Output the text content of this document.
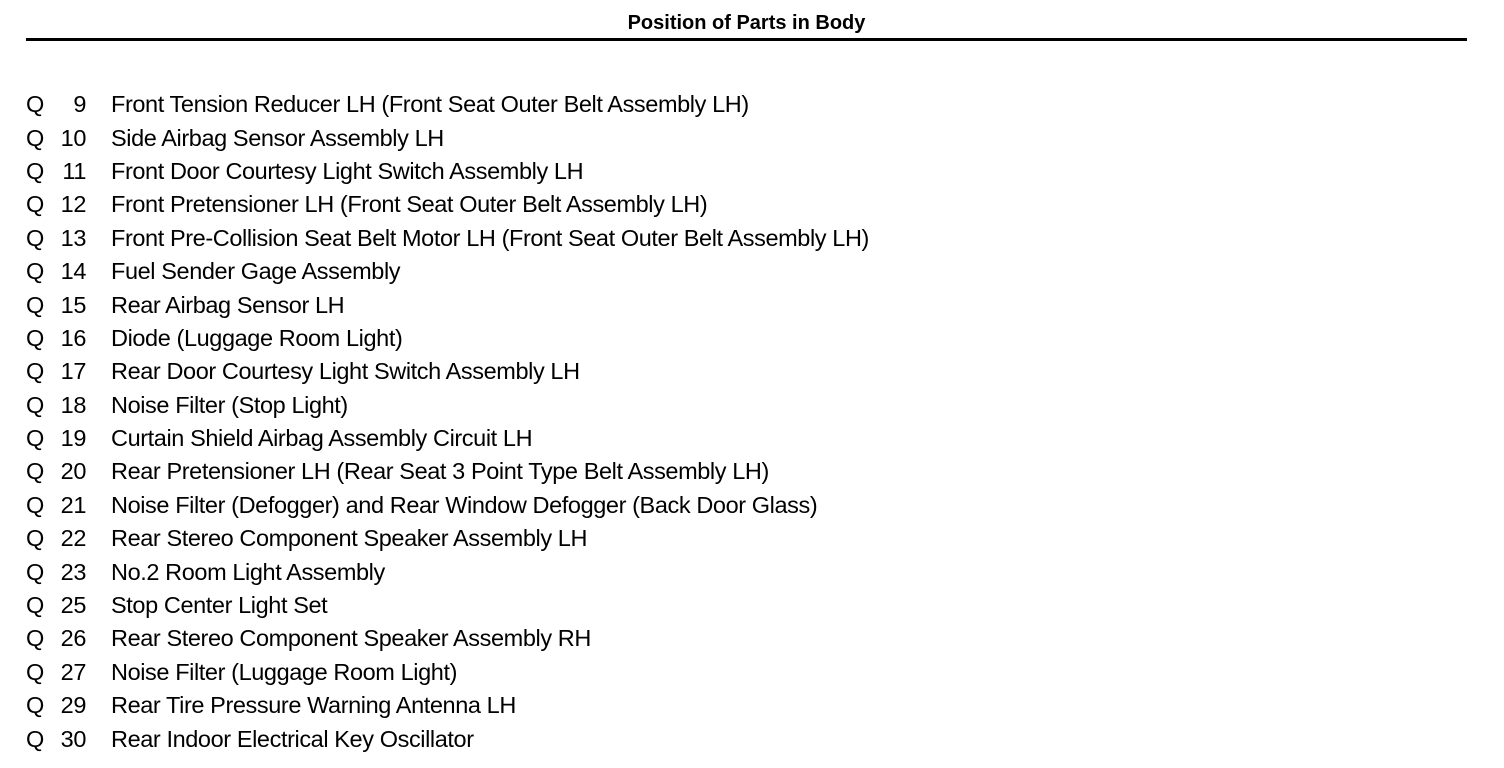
Position of Parts in Body
Q	9 Front Tension Reducer LH (Front Seat Outer Belt Assembly LH)
Q 10 Side Airbag Sensor Assembly LH
Q 11 Front Door Courtesy Light Switch Assembly LH
Q 12 Front Pretensioner LH (Front Seat Outer Belt Assembly LH)
Q 13 Front Pre-Collision Seat Belt Motor LH (Front Seat Outer Belt Assembly LH)
Q 14 Fuel Sender Gage Assembly
Q 15 Rear Airbag Sensor LH
Q 16 Diode (Luggage Room Light)
Q 17 Rear Door Courtesy Light Switch Assembly LH
Q 18 Noise Filter (Stop Light)
Q 19 Curtain Shield Airbag Assembly Circuit LH
Q 20 Rear Pretensioner LH (Rear Seat 3 Point Type Belt Assembly LH)
Q 21 Noise Filter (Defogger) and Rear Window Defogger (Back Door Glass)
Q 22 Rear Stereo Component Speaker Assembly LH
Q 23 No.2 Room Light Assembly
Q 25 Stop Center Light Set
Q 26 Rear Stereo Component Speaker Assembly RH
Q 27 Noise Filter (Luggage Room Light)
Q 29 Rear Tire Pressure Warning Antenna LH
Q 30 Rear Indoor Electrical Key Oscillator
